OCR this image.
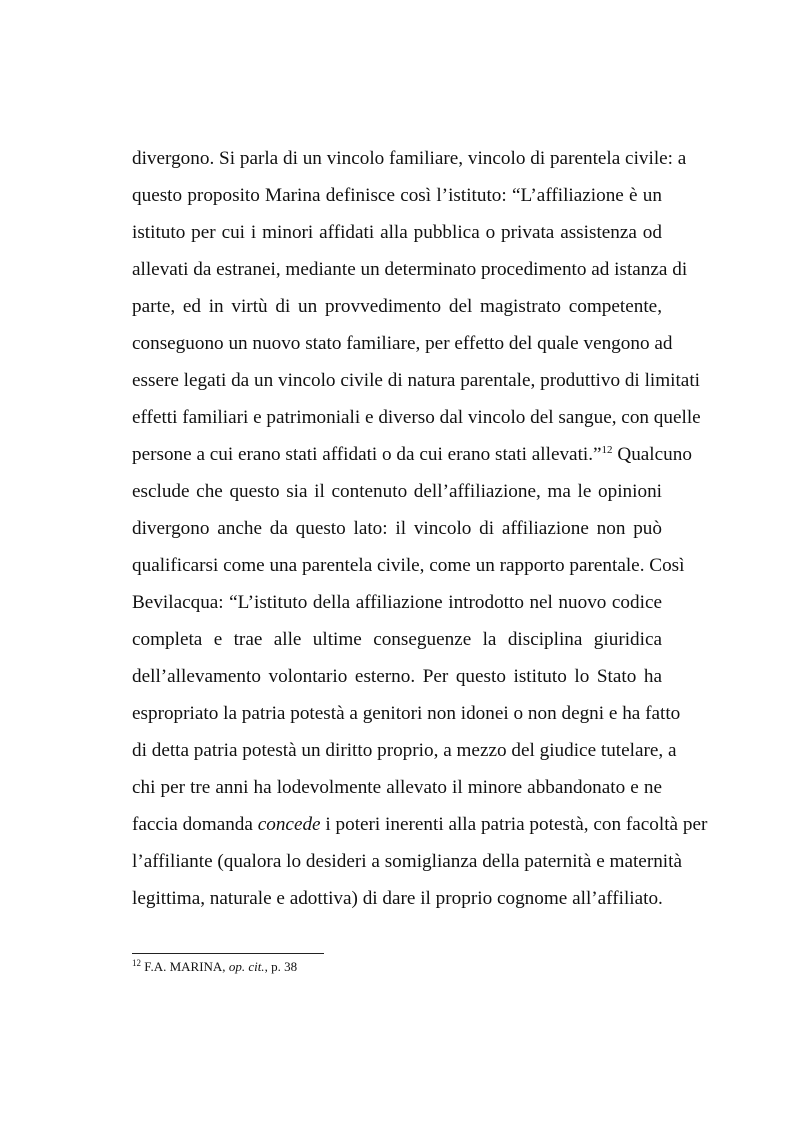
divergono. Si parla di un vincolo familiare, vincolo di parentela civile: a
questo proposito Marina definisce così l’istituto: “L’affiliazione è un
istituto per cui i minori affidati alla pubblica o privata assistenza od
allevati da estranei, mediante un determinato procedimento ad istanza di
parte, ed in virtù di un provvedimento del magistrato competente,
conseguono un nuovo stato familiare, per effetto del quale vengono ad
essere legati da un vincolo civile di natura parentale, produttivo di limitati
effetti familiari e patrimoniali e diverso dal vincolo del sangue, con quelle
persone a cui erano stati affidati o da cui erano stati allevati.”$^{12}$ Qualcuno
esclude che questo sia il contenuto dell’affiliazione, ma le opinioni
divergono anche da questo lato: il vincolo di affiliazione non può
qualificarsi come una parentela civile, come un rapporto parentale. Così
Bevilacqua: “L’istituto della affiliazione introdotto nel nuovo codice
completa e trae alle ultime conseguenze la disciplina giuridica
dell’allevamento volontario esterno. Per questo istituto lo Stato ha
espropriato la patria potestà a genitori non idonei o non degni e ha fatto
di detta patria potestà un diritto proprio, a mezzo del giudice tutelare, a
chi per tre anni ha lodevolmente allevato il minore abbandonato e ne
faccia domanda concede i poteri inerenti alla patria potestà, con facoltà per
l’affiliante (qualora lo desideri a somiglianza della paternità e maternità
legittima, naturale e adottiva) di dare il proprio cognome all’affiliato.
$^{12}$ F.A. MARINA, op. cit., p. 38
